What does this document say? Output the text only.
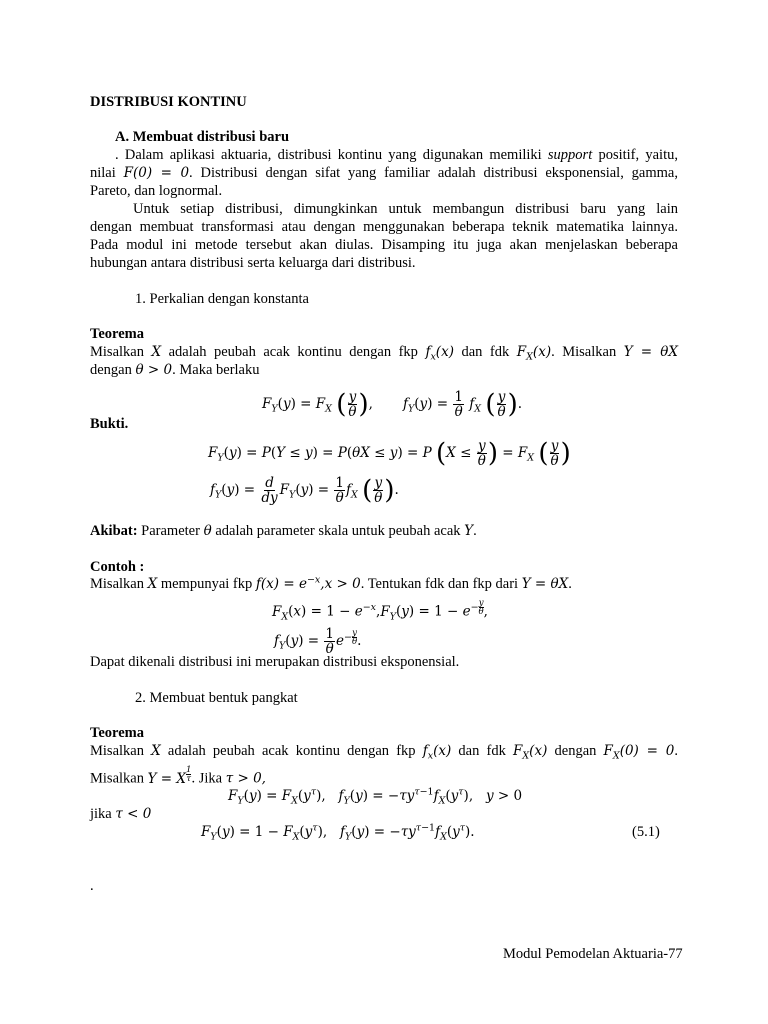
DISTRIBUSI KONTINU
A. Membuat distribusi baru
. Dalam aplikasi aktuaria, distribusi kontinu yang digunakan memiliki support positif, yaitu,
nilai F(0) = 0. Distribusi dengan sifat yang familiar adalah distribusi eksponensial, gamma,
Pareto, dan lognormal.
Untuk setiap distribusi, dimungkinkan untuk membangun distribusi baru yang lain
dengan membuat transformasi atau dengan menggunakan beberapa teknik matematika lainnya.
Pada modul ini metode tersebut akan diulas. Disamping itu juga akan menjelaskan beberapa
hubungan antara distribusi serta keluarga dari distribusi.
1. Perkalian dengan konstanta
Teorema
Misalkan X adalah peubah acak kontinu dengan fkp $f_x(x)$ dan fdk $F_X(x)$. Misalkan Y = θX
dengan θ > 0. Maka berlaku
$F_Y(y) = F_X$ ( $\frac{y}{\theta}$ ),       $f_Y(y) = \frac{1}{\theta} f_X$ ( $\frac{y}{\theta}$ ).
Bukti.
$F_Y(y) = P(Y \le y) = P(\theta X \le y) = P$ ($X \le \frac{y}{\theta}$ ) = $F_X$ ( $\frac{y}{\theta}$ )
$f_Y(y) = \frac{d}{dy} F_Y(y) = \frac{1}{\theta} f_X$ ( $\frac{y}{\theta}$ ).
Akibat: Parameter θ adalah parameter skala untuk peubah acak Y.
Contoh :
Misalkan X mempunyai fkp $f(x) = e^{-x},x > 0$. Tentukan fdk dan fkp dari Y = θX.
$F_X(x) = 1 - e^{-x},F_Y(y) = 1 - e^{- \frac{y}{\theta}}$ ,
$f_Y(y) = \frac{1}{\theta} e^{- \frac{y}{\theta}}$ .
Dapat dikenali distribusi ini merupakan distribusi eksponensial.
2. Membuat bentuk pangkat
Teorema
Misalkan X adalah peubah acak kontinu dengan fkp $f_x(x)$ dan fdk $F_X(x)$ dengan $F_X(0) = 0$.
Misalkan Y = X $^{\frac{1}{\tau}}$ . Jika τ > 0,
$F_Y(y) = F_X(y^\tau)$,   $f_Y(y) = -\tau y^{\tau-1}f_X(y^\tau)$,   y > 0
jika τ < 0
$F_Y(y) = 1 - F_X(y^\tau)$,   $f_Y(y) = -\tau y^{\tau-1}f_X(y^\tau)$.	(5.1)
.
Modul Pemodelan Aktuaria-77
